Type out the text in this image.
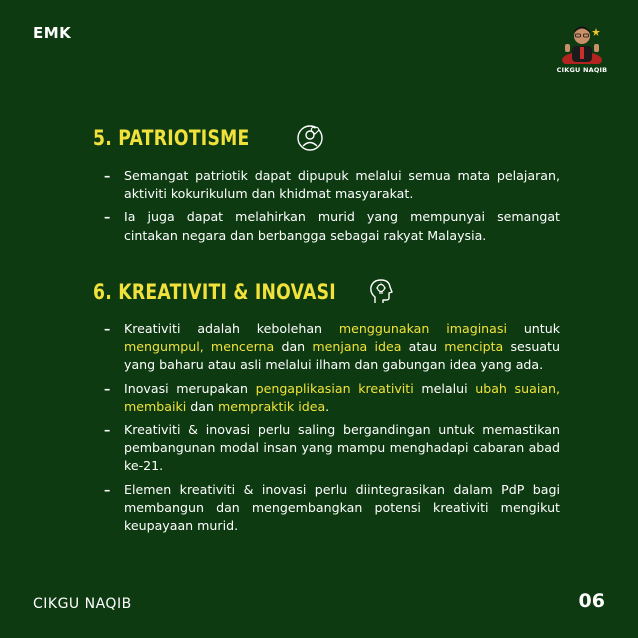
EMK
CIKGU NAQIB
5. PATRIOTISME
– Semangat patriotik dapat dipupuk melalui semua mata pelajaran, aktiviti kokurikulum dan khidmat masyarakat.
– Ia juga dapat melahirkan murid yang mempunyai semangat cintakan negara dan berbangga sebagai rakyat Malaysia.
6. KREATIVITI & INOVASI
– Kreativiti adalah kebolehan menggunakan imaginasi untuk mengumpul, mencerna dan menjana idea atau mencipta sesuatu yang baharu atau asli melalui ilham dan gabungan idea yang ada.
– Inovasi merupakan pengaplikasian kreativiti melalui ubah suaian, membaiki dan mempraktik idea.
– Kreativiti & inovasi perlu saling bergandingan untuk memastikan pembangunan modal insan yang mampu menghadapi cabaran abad ke-21.
– Elemen kreativiti & inovasi perlu diintegrasikan dalam PdP bagi membangun dan mengembangkan potensi kreativiti mengikut keupayaan murid.
CIKGU NAQIB	06
